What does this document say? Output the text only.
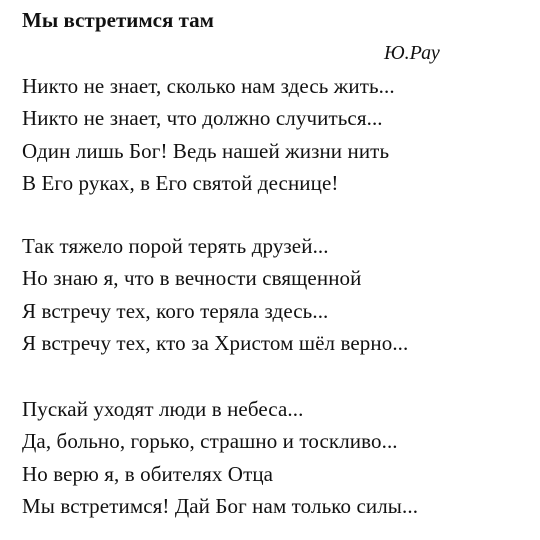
Мы встретимся там
Ю.Рау
Никто не знает, сколько нам здесь жить...
Никто не знает, что должно случиться...
Один лишь Бог! Ведь нашей жизни нить
В Его руках, в Его святой деснице!
Так тяжело порой терять друзей...
Но знаю я, что в вечности священной
Я встречу тех, кого теряла здесь...
Я встречу тех, кто за Христом шёл верно...
Пускай уходят люди в небеса...
Да, больно, горько, страшно и тоскливо...
Но верю я, в обителях Отца
Мы встретимся! Дай Бог нам только силы...
